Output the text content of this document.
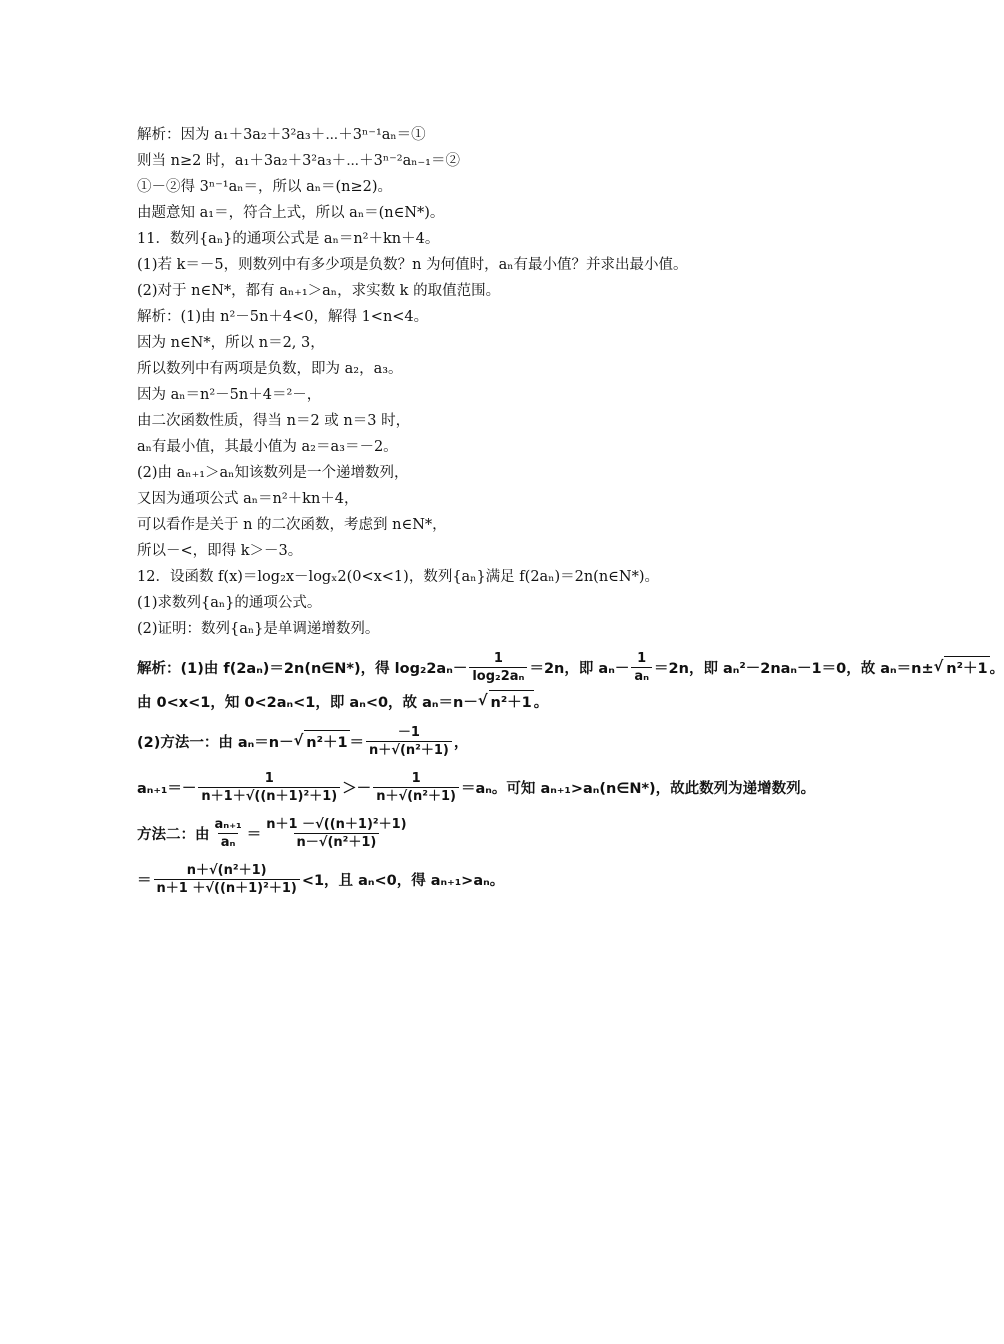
解析：因为 a₁＋3a₂＋3²a₃＋⋯＋3ⁿ⁻¹aₙ＝①
则当 n≥2 时，a₁＋3a₂＋3²a₃＋⋯＋3ⁿ⁻²aₙ₋₁＝②
①－②得 3ⁿ⁻¹aₙ＝，所以 aₙ＝(n≥2)。
由题意知 a₁＝，符合上式，所以 aₙ＝(n∈N*)。
11．数列{aₙ}的通项公式是 aₙ＝n²＋kn＋4。
(1)若 k＝－5，则数列中有多少项是负数？n 为何值时，aₙ有最小值？并求出最小值。
(2)对于 n∈N*，都有 aₙ₊₁＞aₙ，求实数 k 的取值范围。
解析：(1)由 n²－5n＋4<0，解得 1<n<4。
因为 n∈N*，所以 n＝2, 3，
所以数列中有两项是负数，即为 a₂，a₃。
因为 aₙ＝n²－5n＋4＝²－，
由二次函数性质，得当 n＝2 或 n＝3 时，
aₙ有最小值，其最小值为 a₂＝a₃＝－2。
(2)由 aₙ₊₁＞aₙ知该数列是一个递增数列，
又因为通项公式 aₙ＝n²＋kn＋4，
可以看作是关于 n 的二次函数，考虑到 n∈N*，
所以－<，即得 k＞－3。
12．设函数 f(x)＝log₂x－logₓ2(0<x<1)，数列{aₙ}满足 f(2aₙ)＝2n(n∈N*)。
(1)求数列{aₙ}的通项公式。
(2)证明：数列{aₙ}是单调递增数列。
解析：(1)由 f(2aₙ)＝2n(n∈N*)，得 $\log_22a_n- \frac{1}{\text{log₂2aₙ}} =2n$，即 $a_n- \frac{1}{\text{aₙ}} =2n$，即 aₙ²－2naₙ－1＝0，故 aₙ＝n± √ n²＋1 。
由 0<x<1，知 0<2aₙ<1，即 aₙ<0，故 aₙ＝n－ √ n²＋1 。
(2)方法一：由 aₙ＝n－ √ $n^2+1 = \frac{-1}{\text{n＋√(n²＋1)}}$ ，
$a_{n+1}=- \frac{1}{\text{n＋1＋√((n＋1)²＋1)}} >- \frac{1}{\text{n＋√(n²＋1)}} =a_n$。可知 aₙ₊₁>aₙ(n∈N*)，故此数列为递增数列。
方法二：由 $\frac{\text{aₙ₊₁}}{\text{aₙ}} = \frac{\text{n＋1 －√((n＋1)²＋1)}}{\text{n－√(n²＋1)}}$
＝ $\frac{\text{n＋√(n²＋1)}}{\text{n＋1 ＋√((n＋1)²＋1)}} <1$，且 aₙ<0，得 aₙ₊₁>aₙ。
